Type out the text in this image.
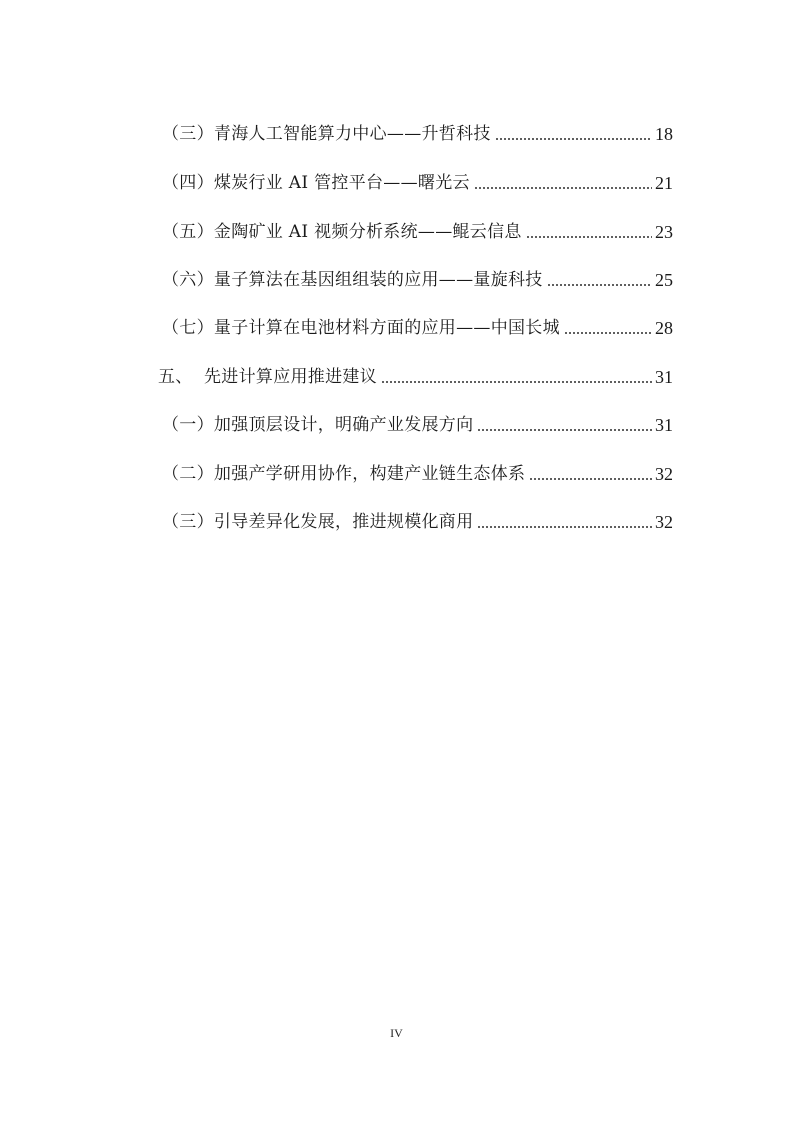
（三）青海人工智能算力中心——升哲科技	18
（四）煤炭行业 AI 管控平台——曙光云	21
（五）金陶矿业 AI 视频分析系统——鲲云信息	23
（六）量子算法在基因组组装的应用——量旋科技	25
（七）量子计算在电池材料方面的应用——中国长城	28
五、 先进计算应用推进建议	31
（一）加强顶层设计，明确产业发展方向	31
（二）加强产学研用协作，构建产业链生态体系	32
（三）引导差异化发展，推进规模化商用	32
IV
